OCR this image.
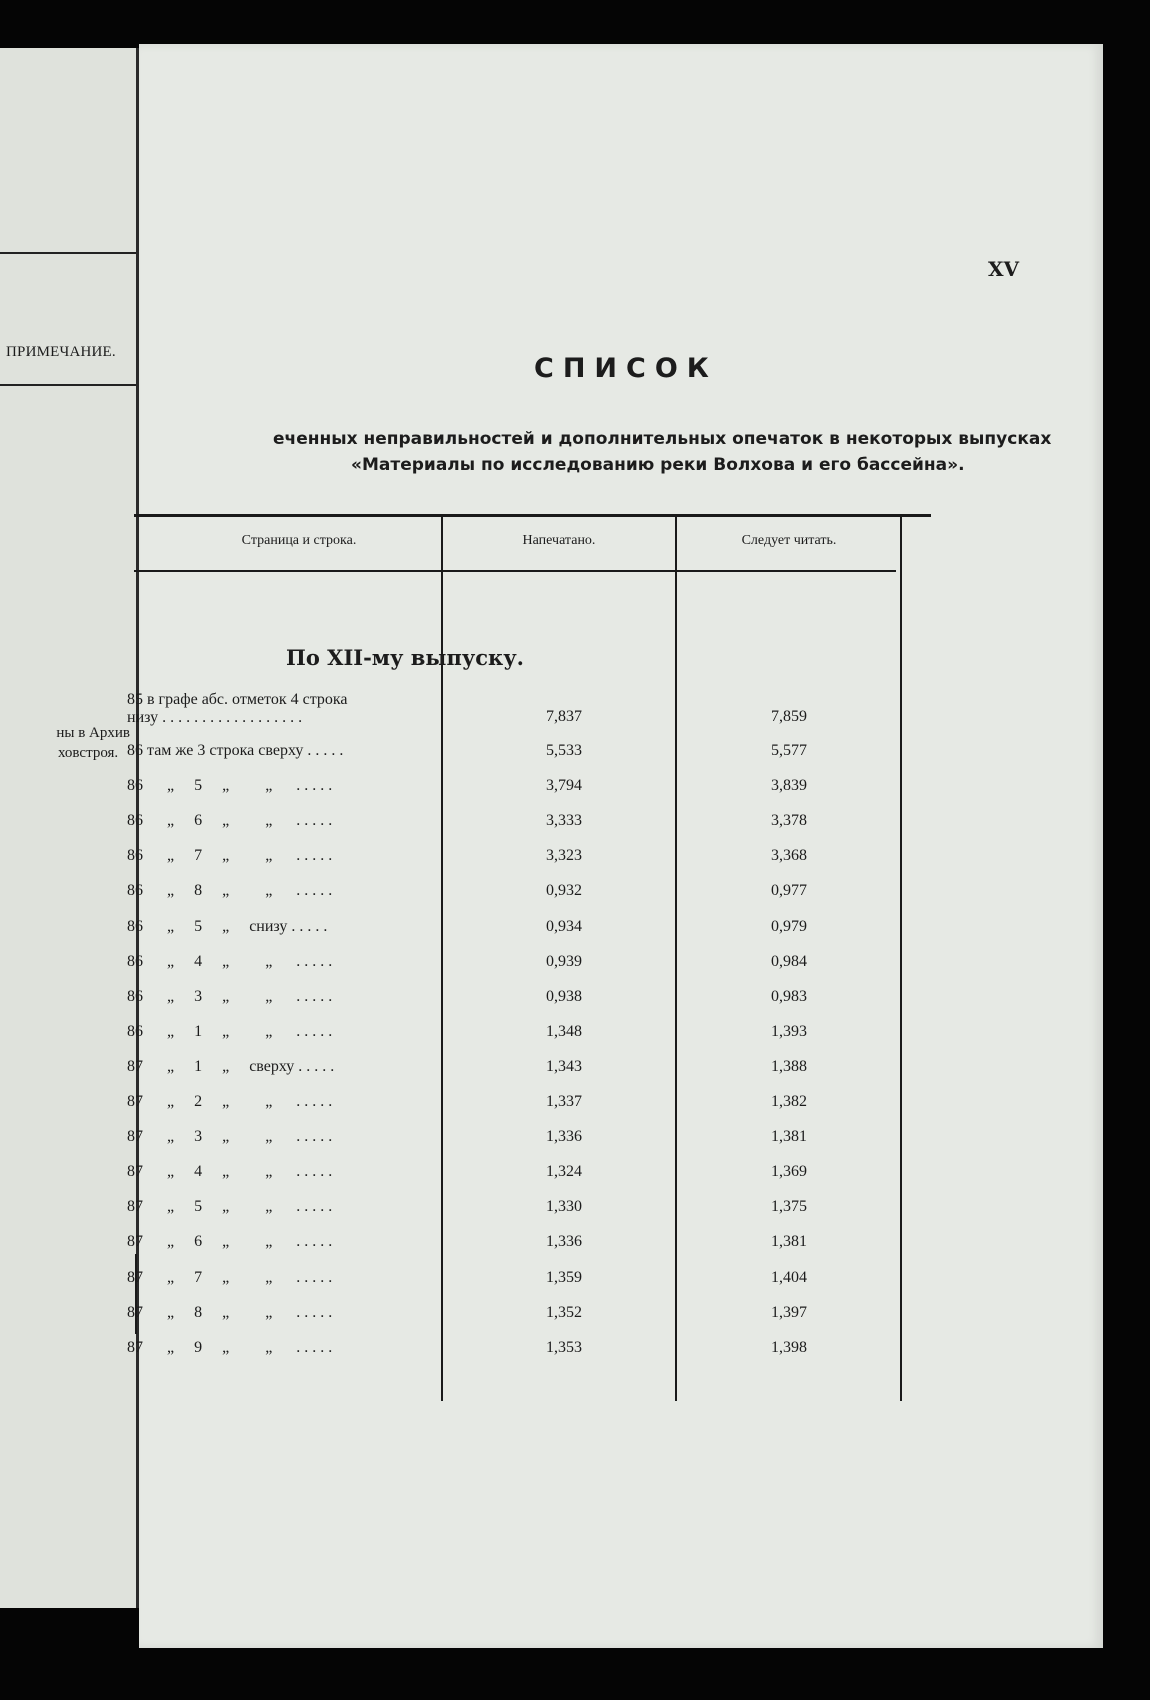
ПРИМЕЧАНИЕ.
ны в Архив
ховстроя.
XV
СПИСОК
еченных неправильностей и дополнительных опечаток в некоторых выпусках
«Материалы по исследованию реки Волхова и его бассейна».
Страница и строка.	Напечатано.	Следует читать.
По XII-му выпуску.
85 в графе абс. отметок 4 строка
низу . . . . . . . . . . . . . . . . . .	7,837	7,859
86 там же 3 строка сверху . . . . .	5,533	5,577
86      „     5     „         „      . . . . .	3,794	3,839
86      „     6     „         „      . . . . .	3,333	3,378
86      „     7     „         „      . . . . .	3,323	3,368
86      „     8     „         „      . . . . .	0,932	0,977
86      „     5     „     снизу . . . . .	0,934	0,979
86      „     4     „         „      . . . . .	0,939	0,984
86      „     3     „         „      . . . . .	0,938	0,983
86      „     1     „         „      . . . . .	1,348	1,393
87      „     1     „     сверху . . . . .	1,343	1,388
87      „     2     „         „      . . . . .	1,337	1,382
87      „     3     „         „      . . . . .	1,336	1,381
87      „     4     „         „      . . . . .	1,324	1,369
87      „     5     „         „      . . . . .	1,330	1,375
87      „     6     „         „      . . . . .	1,336	1,381
87      „     7     „         „      . . . . .	1,359	1,404
87      „     8     „         „      . . . . .	1,352	1,397
87      „     9     „         „      . . . . .	1,353	1,398
